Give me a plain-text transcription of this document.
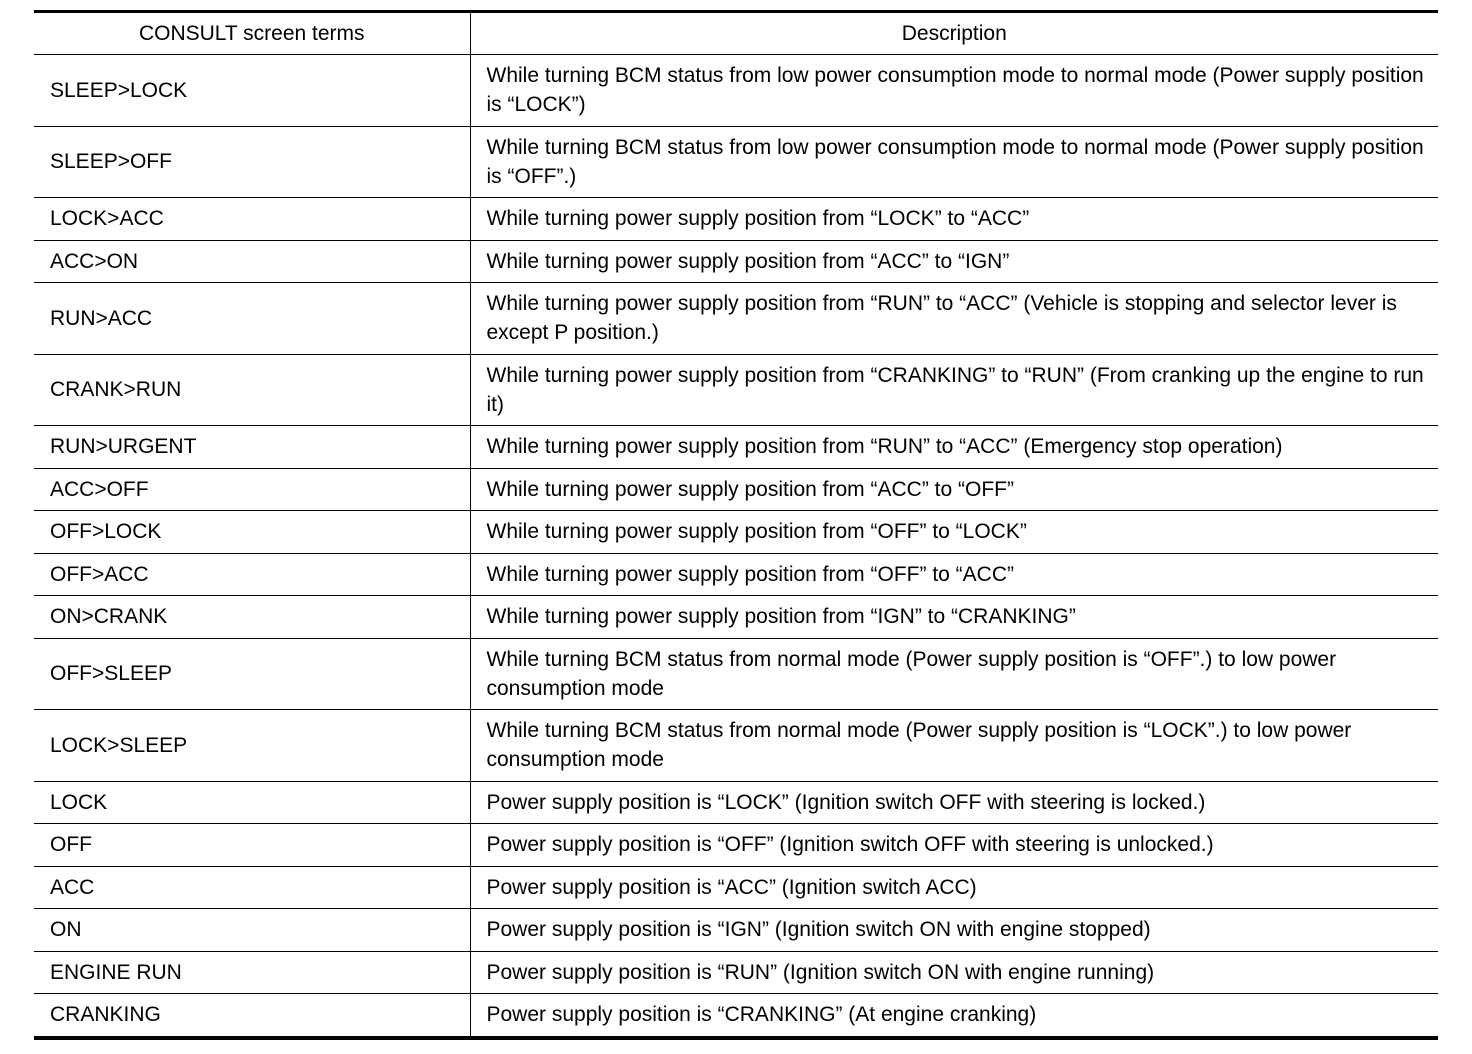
CONSULT screen terms	Description
SLEEP>LOCK	While turning BCM status from low power consumption mode to normal mode (Power supply position is “LOCK”)
SLEEP>OFF	While turning BCM status from low power consumption mode to normal mode (Power supply position is “OFF”.)
LOCK>ACC	While turning power supply position from “LOCK” to “ACC”
ACC>ON	While turning power supply position from “ACC” to “IGN”
RUN>ACC	While turning power supply position from “RUN” to “ACC” (Vehicle is stopping and selector lever is except P position.)
CRANK>RUN	While turning power supply position from “CRANKING” to “RUN” (From cranking up the engine to run it)
RUN>URGENT	While turning power supply position from “RUN” to “ACC” (Emergency stop operation)
ACC>OFF	While turning power supply position from “ACC” to “OFF”
OFF>LOCK	While turning power supply position from “OFF” to “LOCK”
OFF>ACC	While turning power supply position from “OFF” to “ACC”
ON>CRANK	While turning power supply position from “IGN” to “CRANKING”
OFF>SLEEP	While turning BCM status from normal mode (Power supply position is “OFF”.) to low power consumption mode
LOCK>SLEEP	While turning BCM status from normal mode (Power supply position is “LOCK”.) to low power consumption mode
LOCK	Power supply position is “LOCK” (Ignition switch OFF with steering is locked.)
OFF	Power supply position is “OFF” (Ignition switch OFF with steering is unlocked.)
ACC	Power supply position is “ACC” (Ignition switch ACC)
ON	Power supply position is “IGN” (Ignition switch ON with engine stopped)
ENGINE RUN	Power supply position is “RUN” (Ignition switch ON with engine running)
CRANKING	Power supply position is “CRANKING” (At engine cranking)
